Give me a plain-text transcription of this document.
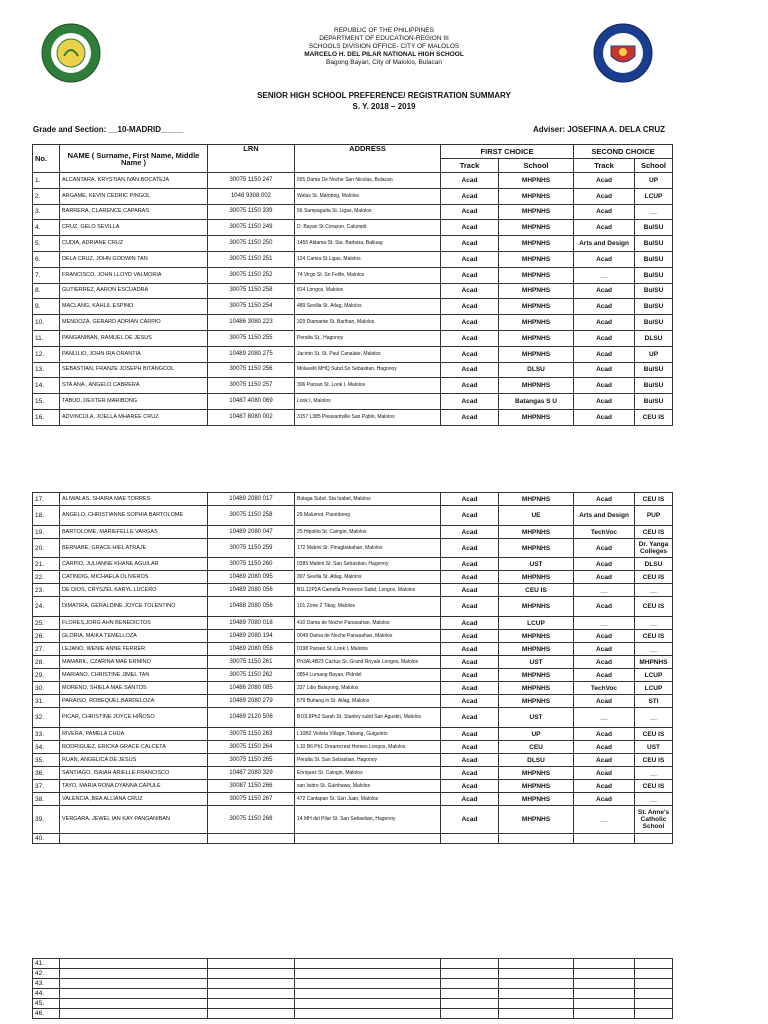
REPUBLIC OF THE PHILIPPINES
DEPARTMENT OF EDUCATION-REGION III
SCHOOLS DIVISION OFFICE- CITY OF MALOLOS
MARCELO H. DEL PILAR NATIONAL HIGH SCHOOL
Bagong Bayan, City of Malolos, Bulacan
SENIOR HIGH SCHOOL PREFERENCE/ REGISTRATION SUMMARY
S. Y. 2018 – 2019
Grade and Section: __10-MADRID_____	Adviser: JOSEFINA A. DELA CRUZ
No.	NAME ( Surname, First Name, Middle Name )	LRN	ADDRESS	FIRST CHOICE		SECOND CHOICE	
				Track	School	Track	School
1.	ALCANTARA, KRYSTIAN IVAN BOCATEJA	30075 1150 247	655 Dama De Noche San Nicolas, Bulacan	Acad	MHPNHS	Acad	UP
2.	ARGAME, KEVIN CEDRIC PINGOL	1048 9308 002	Walas St. Mambog, Malolos	Acad	MHPNHS	Acad	LCUP
3.	BARRERA, CLARENCE CAPARAS	30075 1150 339	56 Sampaguita St. Ligas, Malolos	Acad	MHPNHS	Acad	__
4.	CRUZ, GELO SEVILLA	30075 1150 249	D. Bayan St.Corazon, Calumpit	Acad	MHPNHS	Acad	BulSU
5.	CUDIA, ADRIANE CRUZ	30075 1150 250	1455 Aldama St. Sta. Barbara, Baliuag	Acad	MHPNHS	Arts and Design	BulSU
6.	DELA CRUZ, JOHN GODWIN TAN	30075 1150 251	124 Camia St.Ligas, Malolos	Acad	MHPNHS	Acad	BulSU
7.	FRANCISCO, JOHN LLOYD VALMORIA	30075 1150 252	74 Virgo St. Sn Felife, Malolos	Acad	MHPNHS	__	BulSU
8.	GUTIERREZ, AARON ESCUADRA	30075 1150 258	814 Longos, Malolos	Acad	MHPNHS	Acad	BulSU
9.	MACLANG, KAHLIL ESPINO	30075 1150 254	489 Sevilla St. Atlag, Malolos	Acad	MHPNHS	Acad	BulSU
10.	MENDOZA, GERARD ADRIAN CARPIO	10486 3080 223	329 Diamante St. Barihan, Malolos	Acad	MHPNHS	Acad	BulSU
11.	PANGANIBAN, RAMUEL DE JESUS	30075 1150 255	Peralta St., Hagonoy	Acad	MHPNHS	Acad	DLSU
12.	PANLILIO, JOHN IRA ORANTIA	10489 2080 275	Jacinto St. St. Paul Canalate, Malolos	Acad	MHPNHS	Acad	UP
13.	SEBASTIAN, FRANZE JOSEPH BITANGCOL	30075 1150 256	Molavelit MHQ Subd.Sn Sebastian, Hagonoy	Acad	DLSU	Acad	BulSU
14.	STA ANA , ANGELO CABRERA	30075 1150 257	306 Parsan St. Look I, Malolos	Acad	MHPNHS	Acad	BulSU
15.	TABUD, DEXTER MARIBONG	10487 4080 069	Look I, Malolos	Acad	Batangas S U	Acad	BulSU
16.	ADVINCULA, JOELLA MHAREE CRUZ	10487 8080 002	3157 L385 Pleasantville San Pablo, Malolos	Acad	MHPNHS	Acad	CEU IS
17.	ALIWALAS, SHAIRA MAE TORRES	10489 2080 017	Balaga Subd. Sta Isabel, Malolos	Acad	MHPNHS	Acad	CEU IS
18.	ANGELO, CHRISTIANNE SOPHIA BARTOLOME	30075 1150 258	29 Malumot, Paombong	Acad	UE	Arts and Design	PUP
19.	BARTOLOME, MARIEFELLE VARGAS	10489 2080 047	25 Hipolito St. Caingin, Malolos	Acad	MHPNHS	TechVoc	CEU IS
20.	BERNABE, GRACE HIEL ATRAJE	30075 1150 259	172 Mabini St. Pinagbakahan, Malolos	Acad	MHPNHS	Acad	Dr. Yanga Colleges
21.	CARPIO, JULIANNE KHANE AGUILAR	30075 1150 260	0385 Mabini St. San Sebastian, Hagonoy	Acad	UST	Acad	DLSU
22.	CATINDIG, MICHAELA OLIVEROS	10489 2080 095	307 Sevilla St. Atlag, Malolos	Acad	MHPNHS	Acad	CEU IS
23.	DE DIOS, CRYSZEL KARYL LUCERO	10489 2080 056	B1L12P2A Camella Provence Subd. Longos, Malolos	Acad	CEU IS	__	__
24.	DIMATIRA, GERALDINE JOYCE TOLENTINO	10488 2080 056	101 Zone 2 Tikay, Malolos	Acad	MHPNHS	Acad	CEU IS
25.	FLORES,JORG AHN BENEDICTOS	10489 7080 018	410 Dama de Noche Panasahan, Malolos	Acad	LCUP	__	__
26.	GLORIA, MAIKA TEMELLOZA	10489 2080 194	0049 Dama de Noche Panasahan, Malolos	Acad	MHPNHS	Acad	CEU IS
27.	LEJANO, WENIE ANNE FERRER	10489 2080 058	0198 Parsan St. Look I, Malolos	Acad	MHPNHS	Acad	__
28.	MAMARIL, CZARINA MAE ERMINO	30075 1150 261	Ph3AL4B23 Cactus St. Grand Royale Longos, Malolos	Acad	UST	Acad	MHPNHS
29.	MARIANO, CHRISTINE JIMEL TAN	30075 1150 262	0854 Lumang Bayan, Pldrdel	Acad	MHPNHS	Acad	LCUP
30.	MORENO, SHIELA MAE SANTOS	10486 2080 085	337 Libo Balayong, Malolos	Acad	MHPNHS	TechVoc	LCUP
31.	PARAISO, ROBEQUEL BARDELOZA	10489 2080 279	579 Buhang in St. Atlag, Malolos	Acad	MHPNHS	Acad	STI
32.	PICAR, CHRISTINE JOYCE HIÑOSO	10489 2120 506	B10L8Ph2 Sarah St. Stanley subd San Agustin, Malolos	Acad	UST	__	__
33.	RIVERA, PAMELA CHUA	30075 1150 263	L10B2 Violeta Village, Tabang, Guiguinto	Acad	UP	Acad	CEU IS
34.	RODRIGUEZ, ERICKA GRACE CALCETA	30075 1150 264	L10 B6 Ph1 Dreamcrest Homes Longos, Malolos	Acad	CEU	Acad	UST
35.	RUAN, ANGELICA DE JESUS	30075 1150 265	Peralta St. San Sebastian, Hagonoy	Acad	DLSU	Acad	CEU IS
36.	SANTIAGO, ISAIAH ARIELLE FRANCISCO	10487 2080 329	Enriquez St. Caingin, Malolos	Acad	MHPNHS	Acad	__
37.	TAYO, MARIA RONA DYANNA CAPULE	30087 1150 266	san Isidro St. Guinhawa, Malolos	Acad	MHPNHS	Acad	CEU IS
38.	VALENCIA ,BEA ALLIANA CRUZ	30075 1150 267	472 Canlapan St. San Juan, Malolos	Acad	MHPNHS	Acad	__
39.	VERGARA, JEWEL IAN KAY PANGANIBAN	30075 1150 268	14 MH del Pilar St. San Sebastian, Hagonoy	Acad	MHPNHS	__	St. Anne's Catholic School
40.							
41.							
42.							
43.							
44.							
45.							
46.							
